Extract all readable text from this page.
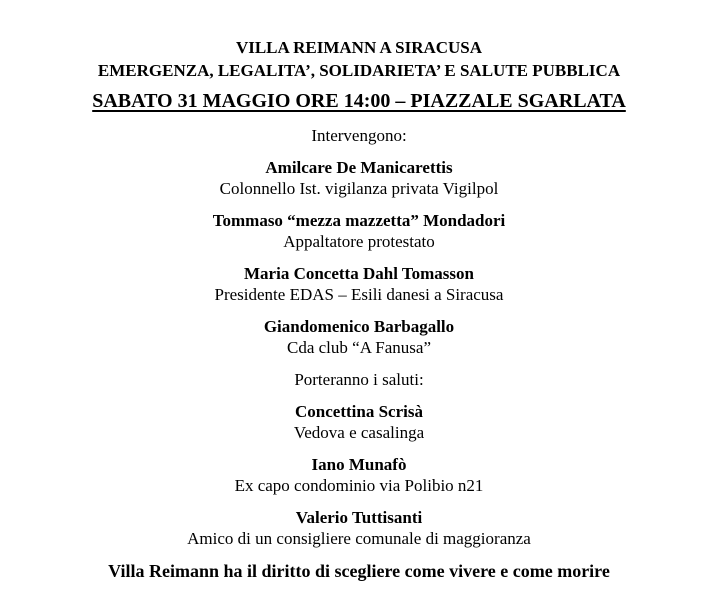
VILLA REIMANN A SIRACUSA
EMERGENZA, LEGALITA’, SOLIDARIETA’ E SALUTE PUBBLICA
SABATO 31 MAGGIO ORE 14:00 – PIAZZALE SGARLATA
Intervengono:
Amilcare De Manicarettis
Colonnello Ist. vigilanza privata Vigilpol
Tommaso “mezza mazzetta” Mondadori
Appaltatore protestato
Maria Concetta Dahl Tomasson
Presidente EDAS – Esili danesi a Siracusa
Giandomenico Barbagallo
Cda club “A Fanusa”
Porteranno i saluti:
Concettina Scrisà
Vedova e casalinga
Iano Munafò
Ex capo condominio via Polibio n21
Valerio Tuttisanti
Amico di un consigliere comunale di maggioranza
Villa Reimann ha il diritto di scegliere come vivere e come morire
